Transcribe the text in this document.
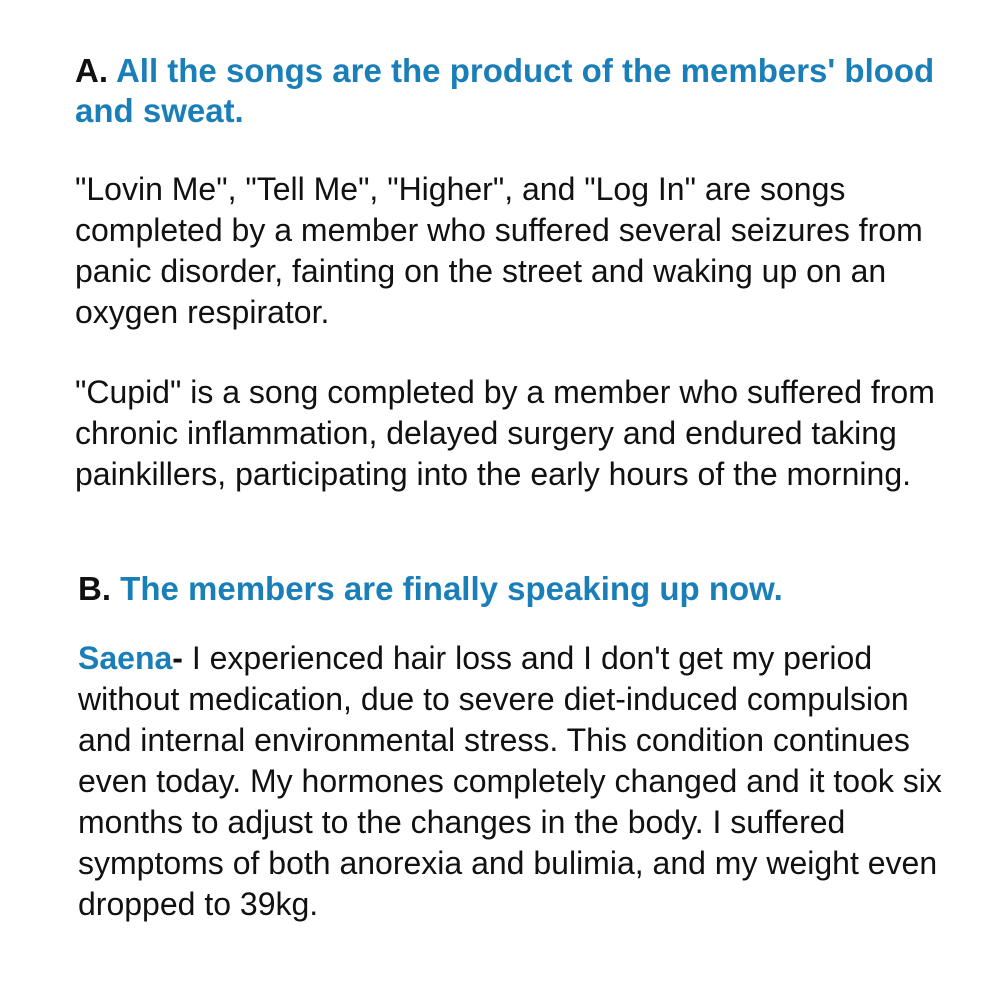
A. All the songs are the product of the members' blood and sweat.

"Lovin Me", "Tell Me", "Higher", and "Log In" are songs completed by a member who suffered several seizures from panic disorder, fainting on the street and waking up on an oxygen respirator.

"Cupid" is a song completed by a member who suffered from chronic inflammation, delayed surgery and endured taking painkillers, participating into the early hours of the morning.

B. The members are finally speaking up now.

Saena- I experienced hair loss and I don't get my period without medication, due to severe diet-induced compulsion and internal environmental stress. This condition continues even today. My hormones completely changed and it took six months to adjust to the changes in the body. I suffered symptoms of both anorexia and bulimia, and my weight even dropped to 39kg.
